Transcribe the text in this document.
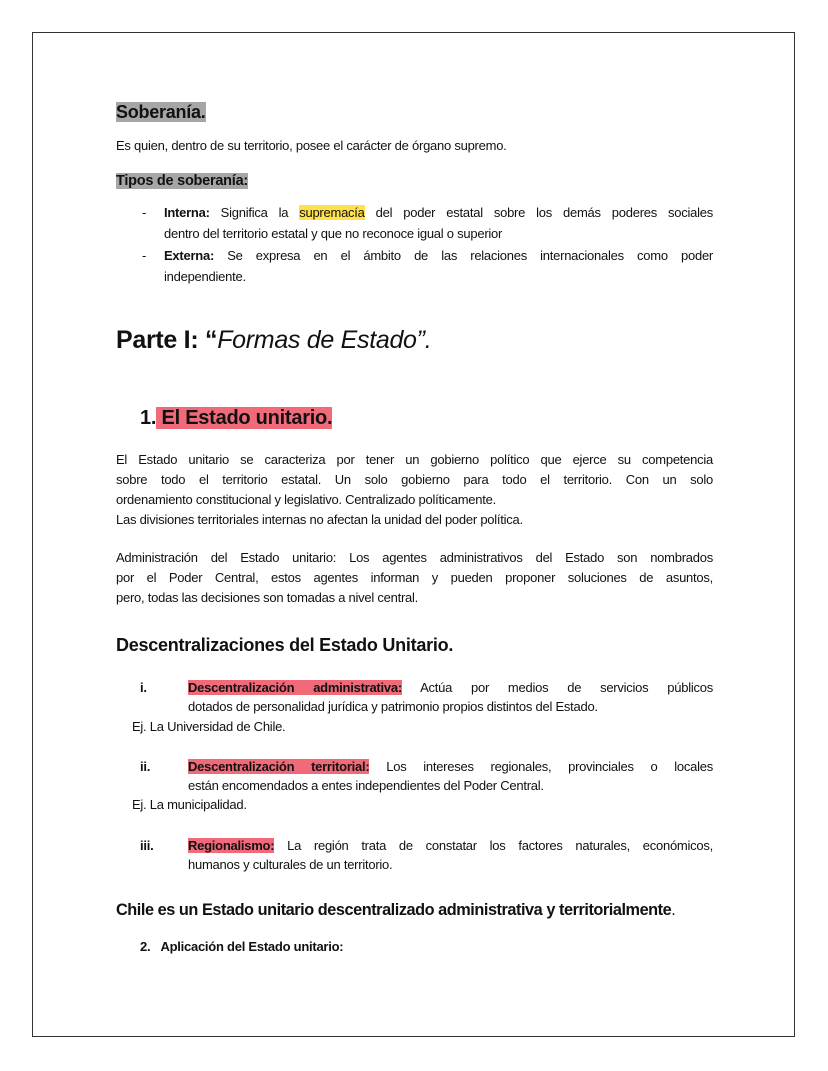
Soberanía.
Es quien, dentro de su territorio, posee el carácter de órgano supremo.
Tipos de soberanía:
- Interna: Significa la supremacía del poder estatal sobre los demás poderes sociales
dentro del territorio estatal y que no reconoce igual o superior
- Externa: Se expresa en el ámbito de las relaciones internacionales como poder
independiente.
Parte I: “Formas de Estado”.
1. El Estado unitario.
El Estado unitario se caracteriza por tener un gobierno político que ejerce su competencia
sobre todo el territorio estatal. Un solo gobierno para todo el territorio. Con un solo
ordenamiento constitucional y legislativo. Centralizado políticamente.
Las divisiones territoriales internas no afectan la unidad del poder política.
Administración del Estado unitario: Los agentes administrativos del Estado son nombrados
por el Poder Central, estos agentes informan y pueden proponer soluciones de asuntos,
pero, todas las decisiones son tomadas a nivel central.
Descentralizaciones del Estado Unitario.
i.	Descentralización administrativa: Actúa por medios de servicios públicos
dotados de personalidad jurídica y patrimonio propios distintos del Estado.
Ej. La Universidad de Chile.
ii.	Descentralización territorial: Los intereses regionales, provinciales o locales
están encomendados a entes independientes del Poder Central.
Ej. La municipalidad.
iii.	Regionalismo: La región trata de constatar los factores naturales, económicos,
humanos y culturales de un territorio.
Chile es un Estado unitario descentralizado administrativa y territorialmente.
2. Aplicación del Estado unitario:
